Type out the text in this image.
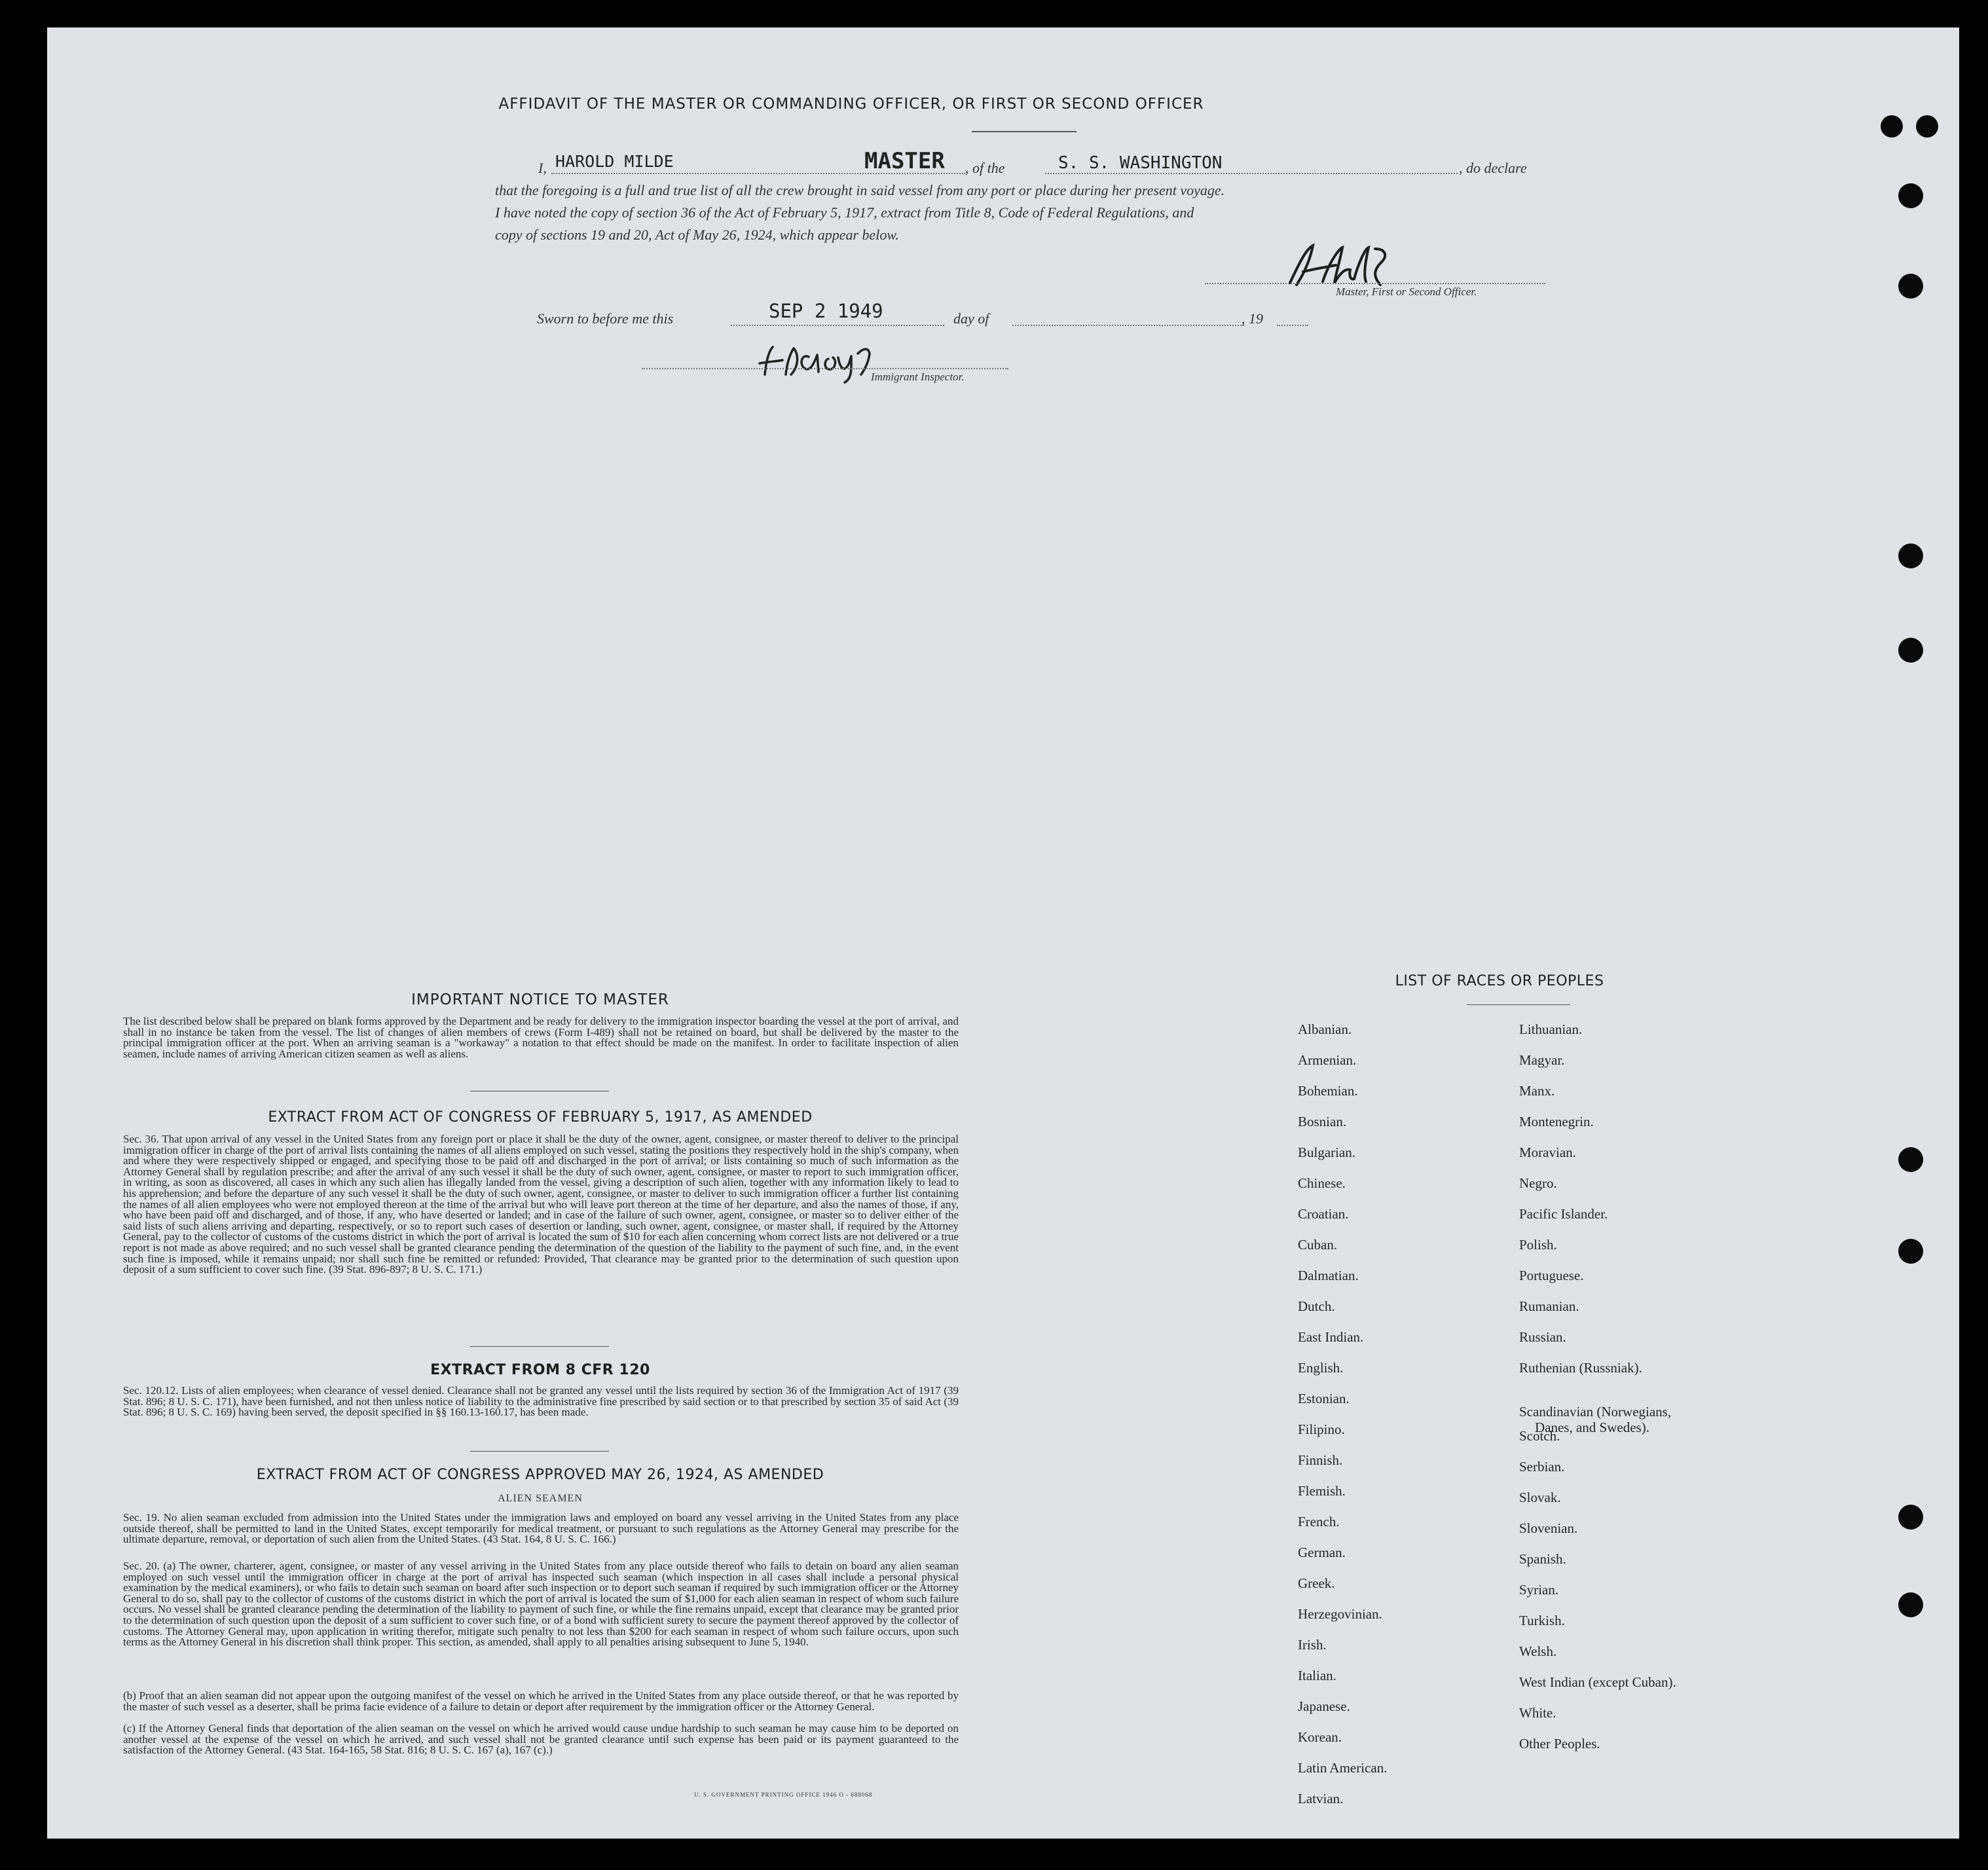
AFFIDAVIT OF THE MASTER OR COMMANDING OFFICER, OR FIRST OR SECOND OFFICER
I, HAROLD MILDE	MASTER , of the	S. S. WASHINGTON	, do declare
that the foregoing is a full and true list of all the crew brought in said vessel from any port or place during her present voyage.
I have noted the copy of section 36 of the Act of February 5, 1917, extract from Title 8, Code of Federal Regulations, and
copy of sections 19 and 20, Act of May 26, 1924, which appear below.
Master, First or Second Officer.
Sworn to before me this	SEP 2 1949	day of	, 19
Immigrant Inspector.
IMPORTANT NOTICE TO MASTER
The list described below shall be prepared on blank forms approved by the Department and be ready for delivery to the immigration inspector boarding the vessel at the port of arrival, and shall in no instance be taken from the vessel. The list of changes of alien members of crews (Form I-489) shall not be retained on board, but shall be delivered by the master to the principal immigration officer at the port. When an arriving seaman is a "workaway" a notation to that effect should be made on the manifest. In order to facilitate inspection of alien seamen, include names of arriving American citizen seamen as well as aliens.
EXTRACT FROM ACT OF CONGRESS OF FEBRUARY 5, 1917, AS AMENDED
Sec. 36. That upon arrival of any vessel in the United States from any foreign port or place it shall be the duty of the owner, agent, consignee, or master thereof to deliver to the principal immigration officer in charge of the port of arrival lists containing the names of all aliens employed on such vessel, stating the positions they respectively hold in the ship's company, when and where they were respectively shipped or engaged, and specifying those to be paid off and discharged in the port of arrival; or lists containing so much of such information as the Attorney General shall by regulation prescribe; and after the arrival of any such vessel it shall be the duty of such owner, agent, consignee, or master to report to such immigration officer, in writing, as soon as discovered, all cases in which any such alien has illegally landed from the vessel, giving a description of such alien, together with any information likely to lead to his apprehension; and before the departure of any such vessel it shall be the duty of such owner, agent, consignee, or master to deliver to such immigration officer a further list containing the names of all alien employees who were not employed thereon at the time of the arrival but who will leave port thereon at the time of her departure, and also the names of those, if any, who have been paid off and discharged, and of those, if any, who have deserted or landed; and in case of the failure of such owner, agent, consignee, or master so to deliver either of the said lists of such aliens arriving and departing, respectively, or so to report such cases of desertion or landing, such owner, agent, consignee, or master shall, if required by the Attorney General, pay to the collector of customs of the customs district in which the port of arrival is located the sum of $10 for each alien concerning whom correct lists are not delivered or a true report is not made as above required; and no such vessel shall be granted clearance pending the determination of the question of the liability to the payment of such fine, and, in the event such fine is imposed, while it remains unpaid; nor shall such fine be remitted or refunded: Provided, That clearance may be granted prior to the determination of such question upon deposit of a sum sufficient to cover such fine. (39 Stat. 896-897; 8 U. S. C. 171.)
EXTRACT FROM 8 CFR 120
Sec. 120.12. Lists of alien employees; when clearance of vessel denied. Clearance shall not be granted any vessel until the lists required by section 36 of the Immigration Act of 1917 (39 Stat. 896; 8 U. S. C. 171), have been furnished, and not then unless notice of liability to the administrative fine prescribed by said section or to that prescribed by section 35 of said Act (39 Stat. 896; 8 U. S. C. 169) having been served, the deposit specified in §§ 160.13-160.17, has been made.
EXTRACT FROM ACT OF CONGRESS APPROVED MAY 26, 1924, AS AMENDED
ALIEN SEAMEN
Sec. 19. No alien seaman excluded from admission into the United States under the immigration laws and employed on board any vessel arriving in the United States from any place outside thereof, shall be permitted to land in the United States, except temporarily for medical treatment, or pursuant to such regulations as the Attorney General may prescribe for the ultimate departure, removal, or deportation of such alien from the United States. (43 Stat. 164, 8 U. S. C. 166.)
Sec. 20. (a) The owner, charterer, agent, consignee, or master of any vessel arriving in the United States from any place outside thereof who fails to detain on board any alien seaman employed on such vessel until the immigration officer in charge at the port of arrival has inspected such seaman (which inspection in all cases shall include a personal physical examination by the medical examiners), or who fails to detain such seaman on board after such inspection or to deport such seaman if required by such immigration officer or the Attorney General to do so, shall pay to the collector of customs of the customs district in which the port of arrival is located the sum of $1,000 for each alien seaman in respect of whom such failure occurs. No vessel shall be granted clearance pending the determination of the liability to payment of such fine, or while the fine remains unpaid, except that clearance may be granted prior to the determination of such question upon the deposit of a sum sufficient to cover such fine, or of a bond with sufficient surety to secure the payment thereof approved by the collector of customs. The Attorney General may, upon application in writing therefor, mitigate such penalty to not less than $200 for each seaman in respect of whom such failure occurs, upon such terms as the Attorney General in his discretion shall think proper. This section, as amended, shall apply to all penalties arising subsequent to June 5, 1940.
(b) Proof that an alien seaman did not appear upon the outgoing manifest of the vessel on which he arrived in the United States from any place outside thereof, or that he was reported by the master of such vessel as a deserter, shall be prima facie evidence of a failure to detain or deport after requirement by the immigration officer or the Attorney General.
(c) If the Attorney General finds that deportation of the alien seaman on the vessel on which he arrived would cause undue hardship to such seaman he may cause him to be deported on another vessel at the expense of the vessel on which he arrived, and such vessel shall not be granted clearance until such expense has been paid or its payment guaranteed to the satisfaction of the Attorney General. (43 Stat. 164-165, 58 Stat. 816; 8 U. S. C. 167 (a), 167 (c).)
U. S. GOVERNMENT PRINTING OFFICE 1946 O - 688068
LIST OF RACES OR PEOPLES
Albanian.
Armenian.
Bohemian.
Bosnian.
Bulgarian.
Chinese.
Croatian.
Cuban.
Dalmatian.
Dutch.
East Indian.
English.
Estonian.
Filipino.
Finnish.
Flemish.
French.
German.
Greek.
Herzegovinian.
Irish.
Italian.
Japanese.
Korean.
Latin American.
Latvian.
Lithuanian.
Magyar.
Manx.
Montenegrin.
Moravian.
Negro.
Pacific Islander.
Polish.
Portuguese.
Rumanian.
Russian.
Ruthenian (Russniak).
Scandinavian (Norwegians,
Danes, and Swedes).
Scotch.
Serbian.
Slovak.
Slovenian.
Spanish.
Syrian.
Turkish.
Welsh.
West Indian (except Cuban).
White.
Other Peoples.
